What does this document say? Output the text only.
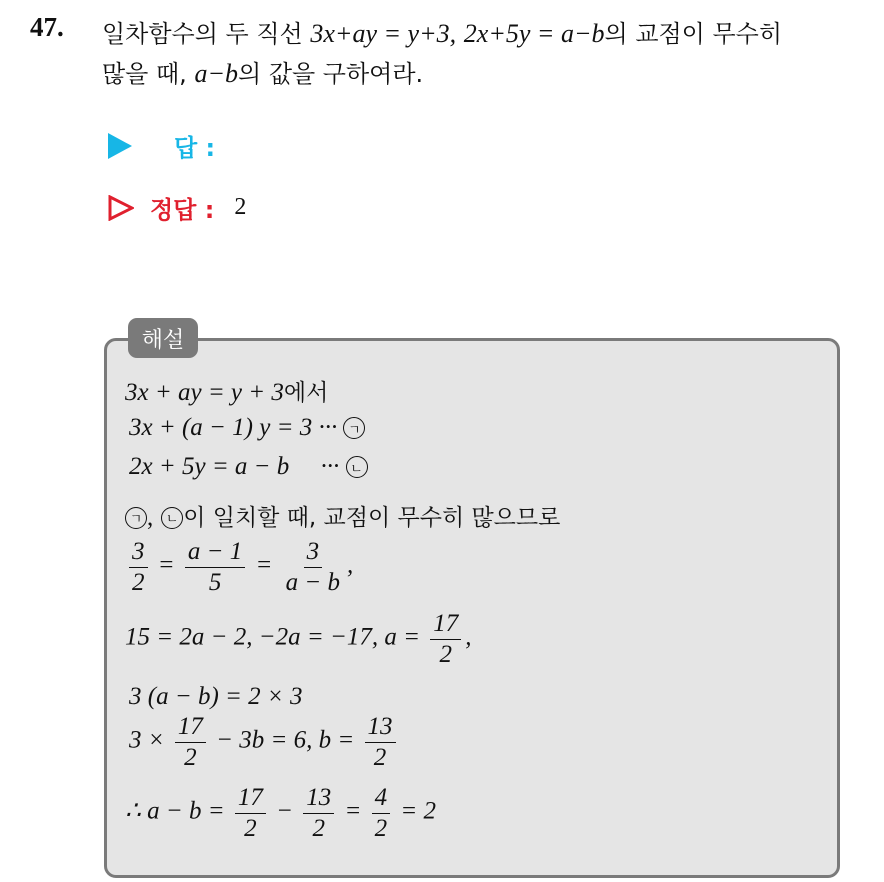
47. 일차함수의 두 직선 3x+ay = y+3, 2x+5y = a−b의 교점이 무수히
많을 때, a−b의 값을 구하여라.
답 :
정답 : 2
해설
3x + ay = y + 3에서
3x + (a − 1) y = 3 ··· ㄱ
2x + 5y = a − b     ··· ㄴ
ㄱ , ㄴ 이 일치할 때, 교점이 무수히 많으므로
$\frac{3}{2} = \frac{a - 1}{5} = \frac{3}{a - b}$ ,
15 = 2a − 2, −2a = −17, $a = \frac{17}{2}$ ,
3 (a − b) = 2 × 3
$3 \times \frac{17}{2} - 3b = 6$, $b = \frac{13}{2}$
∴ $a - b = \frac{17}{2} - \frac{13}{2} = \frac{4}{2} = 2$
